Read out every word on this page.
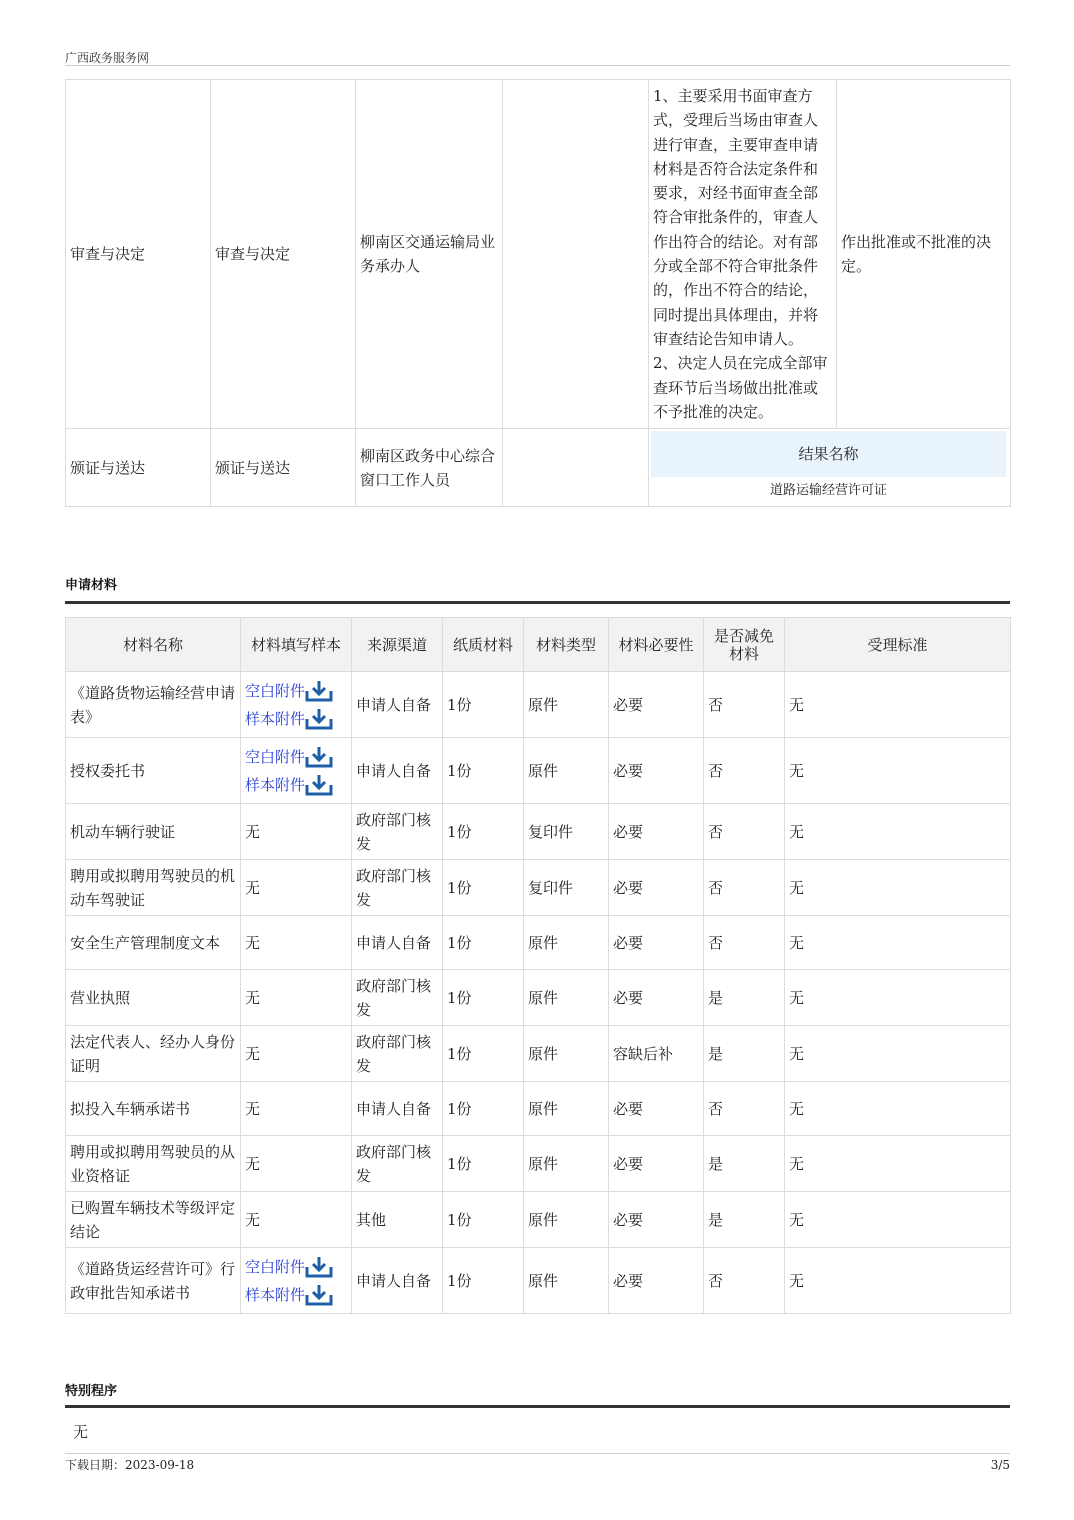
广西政务服务网
审查与决定	审查与决定	柳南区交通运输局业务承办人		1、主要采用书面审查方式，受理后当场由审查人进行审查，主要审查申请材料是否符合法定条件和要求，对经书面审查全部符合审批条件的，审查人作出符合的结论。对有部分或全部不符合审批条件的，作出不符合的结论，同时提出具体理由，并将审查结论告知申请人。
2、决定人员在完成全部审查环节后当场做出批准或不予批准的决定。	作出批准或不批准的决定。
颁证与送达	颁证与送达	柳南区政务中心综合窗口工作人员		结果名称
道路运输经营许可证	
申请材料
材料名称	材料填写样本	来源渠道	纸质材料	材料类型	材料必要性	是否减免材料	受理标准
《道路货物运输经营申请表》	空白附件

样本附件	申请人自备	1份	原件	必要	否	无
授权委托书	空白附件

样本附件	申请人自备	1份	原件	必要	否	无
机动车辆行驶证	无	政府部门核发	1份	复印件	必要	否	无
聘用或拟聘用驾驶员的机动车驾驶证	无	政府部门核发	1份	复印件	必要	否	无
安全生产管理制度文本	无	申请人自备	1份	原件	必要	否	无
营业执照	无	政府部门核发	1份	原件	必要	是	无
法定代表人、经办人身份证明	无	政府部门核发	1份	原件	容缺后补	是	无
拟投入车辆承诺书	无	申请人自备	1份	原件	必要	否	无
聘用或拟聘用驾驶员的从业资格证	无	政府部门核发	1份	原件	必要	是	无
已购置车辆技术等级评定结论	无	其他	1份	原件	必要	是	无
《道路货运经营许可》行政审批告知承诺书	空白附件

样本附件	申请人自备	1份	原件	必要	否	无
特别程序
无
下载日期：2023-09-18	3/5
